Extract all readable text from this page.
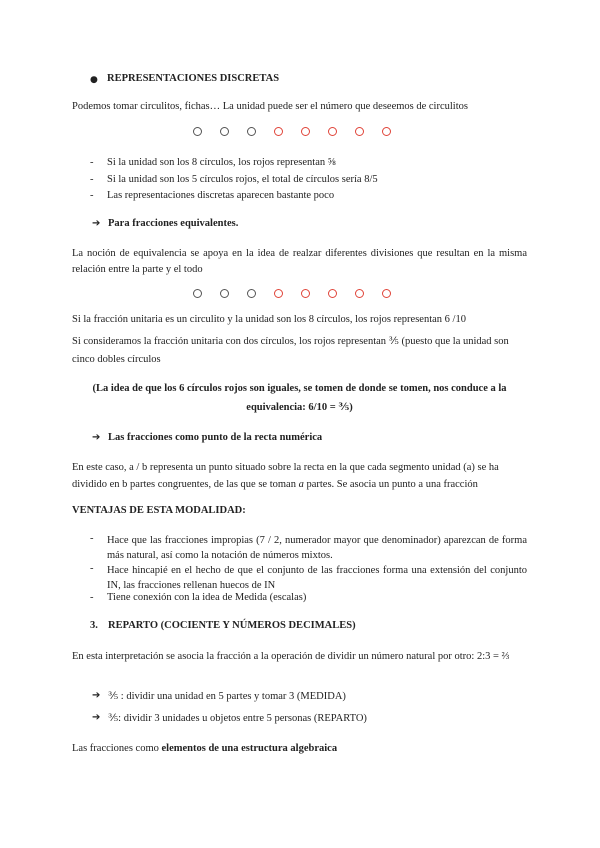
● REPRESENTACIONES DISCRETAS
Podemos tomar circulitos, fichas… La unidad puede ser el número que deseemos de circulitos
- Si la unidad son los 8 círculos, los rojos representan ⅝
- Si la unidad son los 5 círculos rojos, el total de círculos sería 8/5
- Las representaciones discretas aparecen bastante poco
➔ Para fracciones equivalentes.
La noción de equivalencia se apoya en la idea de realzar diferentes divisiones que resultan en la misma relación entre la parte y el todo
Si la fracción unitaria es un circulito y la unidad son los 8 círculos, los rojos representan 6 /10
Si consideramos la fracción unitaria con dos círculos, los rojos representan ⅗ (puesto que la unidad son cinco dobles círculos
(La idea de que los 6 círculos rojos son iguales, se tomen de donde se tomen, nos conduce a la equivalencia: 6/10 = ⅗)
➔ Las fracciones como punto de la recta numérica
En este caso, a / b representa un punto situado sobre la recta en la que cada segmento unidad (a) se ha dividido en b partes congruentes, de las que se toman a partes. Se asocia un punto a una fracción
VENTAJAS DE ESTA MODALIDAD:
- Hace que las fracciones impropias (7 / 2, numerador mayor que denominador) aparezcan de forma más natural, así como la notación de números mixtos.
- Hace hincapié en el hecho de que el conjunto de las fracciones forma una extensión del conjunto IN, las fracciones rellenan huecos de IN
- Tiene conexión con la idea de Medida (escalas)
3. REPARTO (COCIENTE Y NÚMEROS DECIMALES)
En esta interpretación se asocia la fracción a la operación de dividir un número natural por otro: 2:3 = ⅔
➔ ⅗ : dividir una unidad en 5 partes y tomar 3 (MEDIDA)
➔ ⅗: dividir 3 unidades u objetos entre 5 personas (REPARTO)
Las fracciones como elementos de una estructura algebraica
